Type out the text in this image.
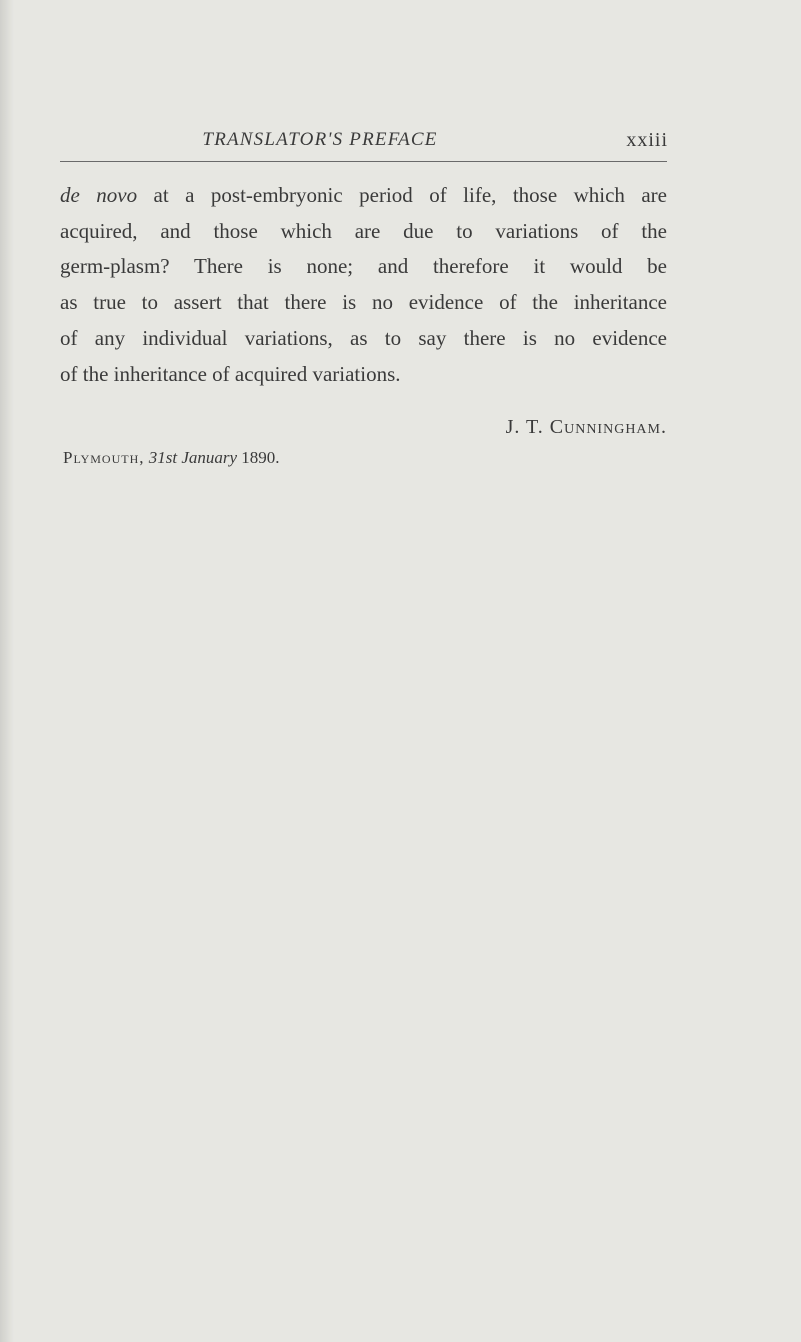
TRANSLATOR'S PREFACE	xxiii
de novo at a post-embryonic period of life, those which are
acquired, and those which are due to variations of the
germ-plasm? There is none; and therefore it would be
as true to assert that there is no evidence of the inheritance
of any individual variations, as to say there is no evidence
of the inheritance of acquired variations.
J. T. Cunningham.
Plymouth, 31st January 1890.
